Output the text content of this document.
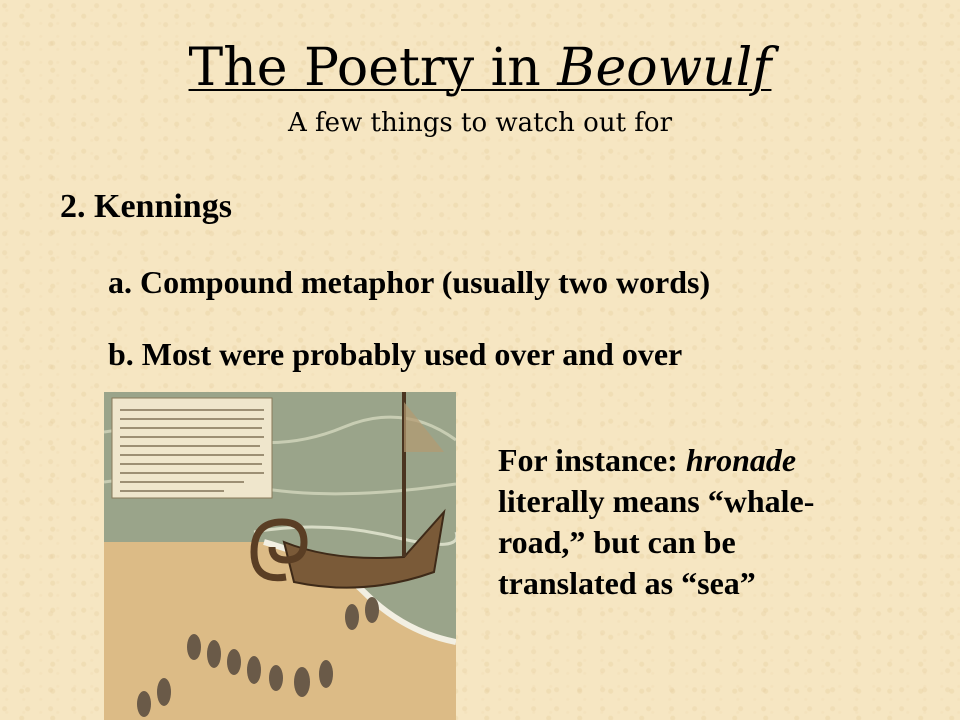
The Poetry in Beowulf
A few things to watch out for
2. Kennings
a. Compound metaphor (usually two words)
b. Most were probably used over and over
For instance: hronade
literally means “whale-
road,” but can be
translated as “sea”
